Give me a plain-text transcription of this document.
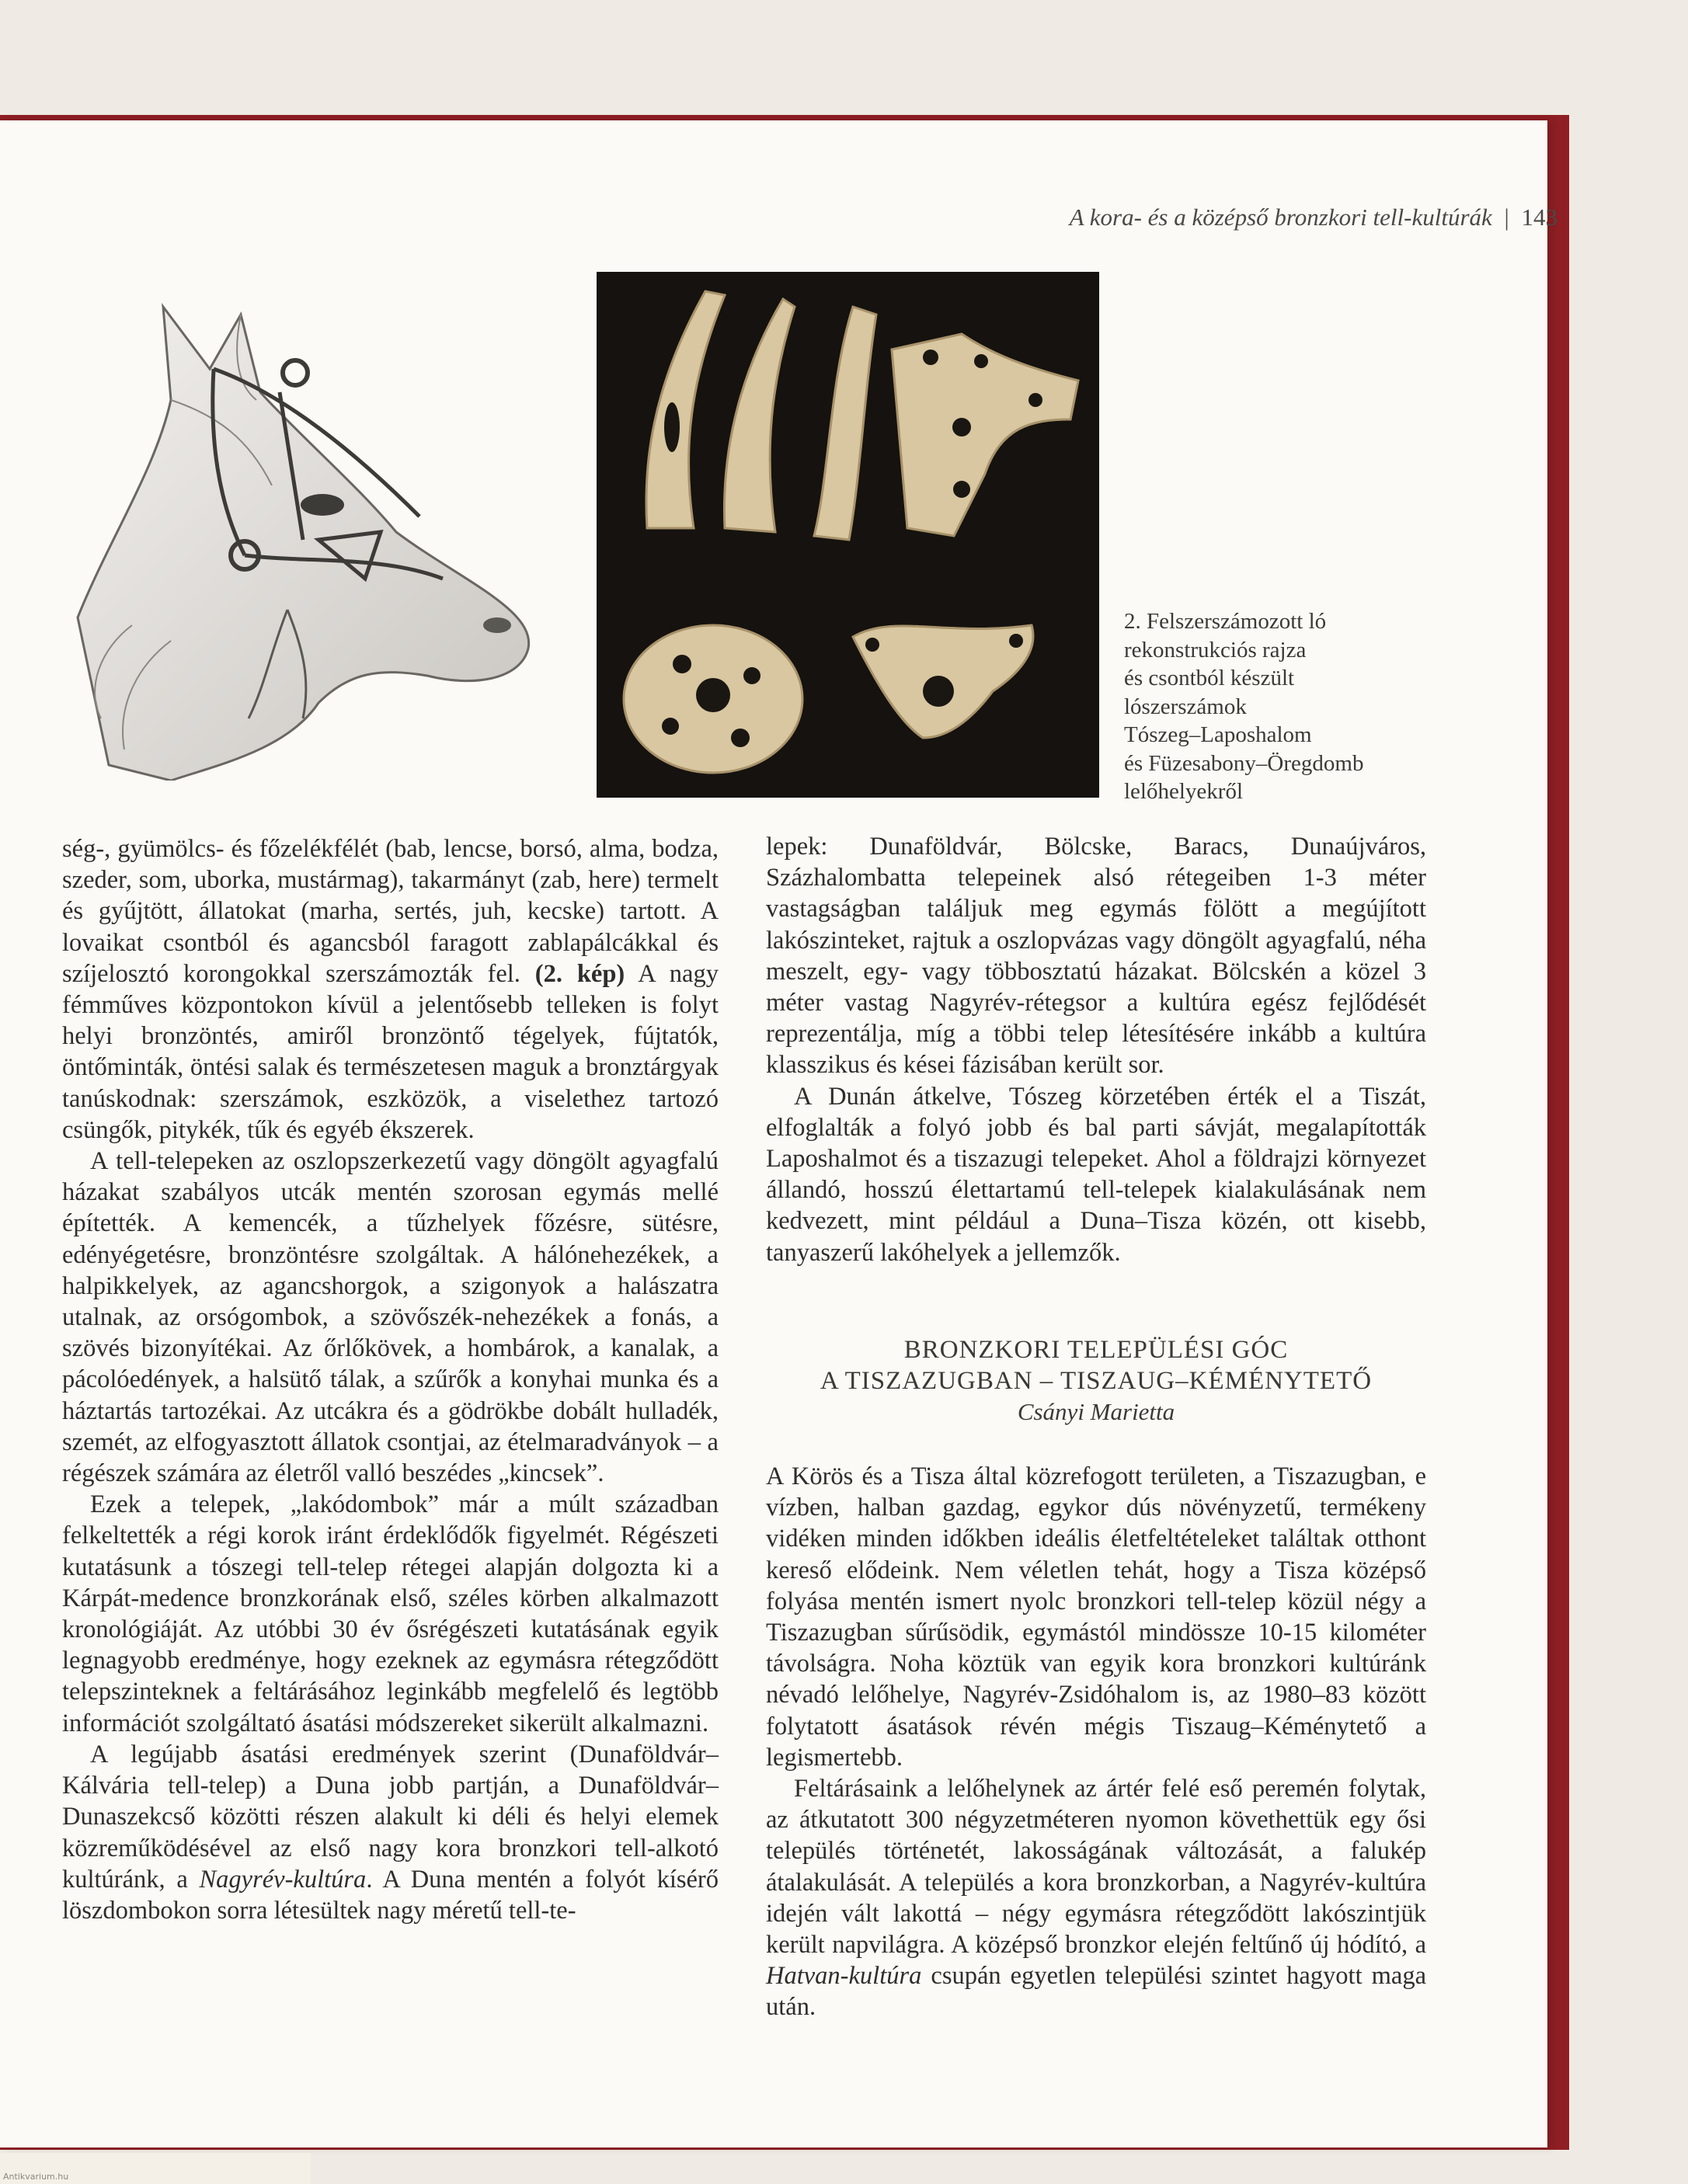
A kora- és a középső bronzkori tell-kultúrák | 143
2. Felszerszámozott ló
rekonstrukciós rajza
és csontból készült
lószerszámok
Tószeg–Laposhalom
és Füzesabony–Öregdomb
lelőhelyekről

ség-, gyümölcs- és főzelékfélét (bab, lencse, borsó, alma, bodza, szeder, som, uborka, mustármag), takarmányt (zab, here) termelt és gyűjtött, állatokat (marha, sertés, juh, kecske) tartott. A lovaikat csontból és agancsból faragott zablapálcákkal és szíjelosztó korongokkal szerszámozták fel. (2. kép) A nagy fémműves központokon kívül a jelentősebb telleken is folyt helyi bronzöntés, amiről bronzöntő tégelyek, fújtatók, öntőminták, öntési salak és természetesen maguk a bronztárgyak tanúskodnak: szerszámok, eszközök, a viselethez tartozó csüngők, pitykék, tűk és egyéb ékszerek.

A tell-telepeken az oszlopszerkezetű vagy döngölt agyagfalú házakat szabályos utcák mentén szorosan egymás mellé építették. A kemencék, a tűzhelyek főzésre, sütésre, edényégetésre, bronzöntésre szolgáltak. A hálónehezékek, a halpikkelyek, az agancshorgok, a szigonyok a halászatra utalnak, az orsógombok, a szövőszék-nehezékek a fonás, a szövés bizonyítékai. Az őrlőkövek, a hombárok, a kanalak, a pácolóedények, a halsütő tálak, a szűrők a konyhai munka és a háztartás tartozékai. Az utcákra és a gödrökbe dobált hulladék, szemét, az elfogyasztott állatok csontjai, az ételmaradványok – a régészek számára az életről valló beszédes „kincsek”.

Ezek a telepek, „lakódombok” már a múlt században felkeltették a régi korok iránt érdeklődők figyelmét. Régészeti kutatásunk a tószegi tell-telep rétegei alapján dolgozta ki a Kárpát-medence bronzkorának első, széles körben alkalmazott kronológiáját. Az utóbbi 30 év ősrégészeti kutatásának egyik legnagyobb eredménye, hogy ezeknek az egymásra rétegződött telepszinteknek a feltárásához leginkább megfelelő és legtöbb információt szolgáltató ásatási módszereket sikerült alkalmazni.

A legújabb ásatási eredmények szerint (Dunaföldvár–Kálvária tell-telep) a Duna jobb partján, a Dunaföldvár–Dunaszekcső közötti részen alakult ki déli és helyi elemek közreműködésével az első nagy kora bronzkori tell-alkotó kultúránk, a Nagyrév-kultúra. A Duna mentén a folyót kísérő löszdombokon sorra létesültek nagy méretű tell-te-

lepek: Dunaföldvár, Bölcske, Baracs, Dunaújváros, Százhalombatta telepeinek alsó rétegeiben 1-3 méter vastagságban találjuk meg egymás fölött a megújított lakószinteket, rajtuk a oszlopvázas vagy döngölt agyagfalú, néha meszelt, egy- vagy többosztatú házakat. Bölcskén a közel 3 méter vastag Nagyrév-rétegsor a kultúra egész fejlődését reprezentálja, míg a többi telep létesítésére inkább a kultúra klasszikus és kései fázisában került sor.

A Dunán átkelve, Tószeg körzetében érték el a Tiszát, elfoglalták a folyó jobb és bal parti sávját, megalapították Laposhalmot és a tiszazugi telepeket. Ahol a földrajzi környezet állandó, hosszú élettartamú tell-telepek kialakulásának nem kedvezett, mint például a Duna–Tisza közén, ott kisebb, tanyaszerű lakóhelyek a jellemzők.

BRONZKORI TELEPÜLÉSI GÓC
A TISZAZUGBAN – TISZAUG–KÉMÉNYTETŐ
Csányi Marietta

A Körös és a Tisza által közrefogott területen, a Tiszazugban, e vízben, halban gazdag, egykor dús növényzetű, termékeny vidéken minden időkben ideális életfeltételeket találtak otthont kereső elődeink. Nem véletlen tehát, hogy a Tisza középső folyása mentén ismert nyolc bronzkori tell-telep közül négy a Tiszazugban sűrűsödik, egymástól mindössze 10-15 kilométer távolságra. Noha köztük van egyik kora bronzkori kultúránk névadó lelőhelye, Nagyrév-Zsidóhalom is, az 1980–83 között folytatott ásatások révén mégis Tiszaug–Kéménytető a legismertebb.

Feltárásaink a lelőhelynek az ártér felé eső peremén folytak, az átkutatott 300 négyzetméteren nyomon követhettük egy ősi település történetét, lakosságának változását, a falukép átalakulását. A település a kora bronzkorban, a Nagyrév-kultúra idején vált lakottá – négy egymásra rétegződött lakószintjük került napvilágra. A középső bronzkor elején feltűnő új hódító, a Hatvan-kultúra csupán egyetlen települési szintet hagyott maga után.

Antikvarium.hu
